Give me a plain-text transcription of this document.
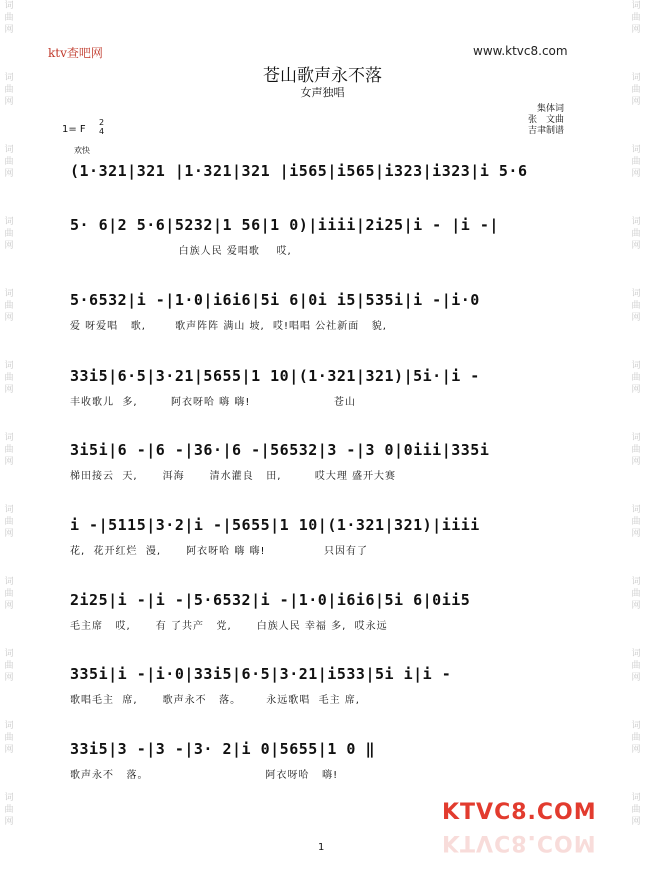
词
曲
网

词
曲
网

词
曲
网

词
曲
网

词
曲
网

词
曲
网

词
曲
网

词
曲
网

词
曲
网

词
曲
网

词
曲
网

词
曲
网
词
曲
网

词
曲
网

词
曲
网

词
曲
网

词
曲
网

词
曲
网

词
曲
网

词
曲
网

词
曲
网

词
曲
网

词
曲
网

词
曲
网
ktv查吧网	www.ktvc8.com
苍山歌声永不落
女声独唱
集体词
张　文曲
吉聿制谱
1= F
2
4
欢快
(1·321|321 |1·321|321 |i565|i565|i323|i323|i 5·6
5· 6|2 5·6|5232|1 56|1 0)|iiii|2i25|i - |i -|
白族人民 爱唱歌    哎,
5·6532|i -|1·0|i6i6|5i 6|0i i5|535i|i -|i·0
爱 呀爱唱   歌,       歌声阵阵 满山 坡,  哎!唱唱 公社新面   貌,
33i5|6·5|3·21|5655|1 10|(1·321|321)|5i·|i -
丰收歌儿  多,        阿衣呀哈 嗨 嗨!                    苍山
3i5i|6 -|6 -|36·|6 -|56532|3 -|3 0|0iii|335i
梯田接云  天,      洱海      清水灌良   田,        哎大理 盛开大赛
i -|5115|3·2|i -|5655|1 10|(1·321|321)|iiii
花,  花开红烂  漫,      阿衣呀哈 嗨 嗨!              只因有了
2i25|i -|i -|5·6532|i -|1·0|i6i6|5i 6|0ii5
毛主席   哎,      有 了共产   党,      白族人民 幸福 多,  哎永远
335i|i -|i·0|33i5|6·5|3·21|i533|5i i|i -
歌唱毛主  席,      歌声永不   落。      永远歌唱  毛主 席,
33i5|3 -|3 -|3· 2|i 0|5655|1 0 ‖
歌声永不   落。                            阿衣呀哈   嗨!
KTVC8.COM
KTVC8.COM
1
